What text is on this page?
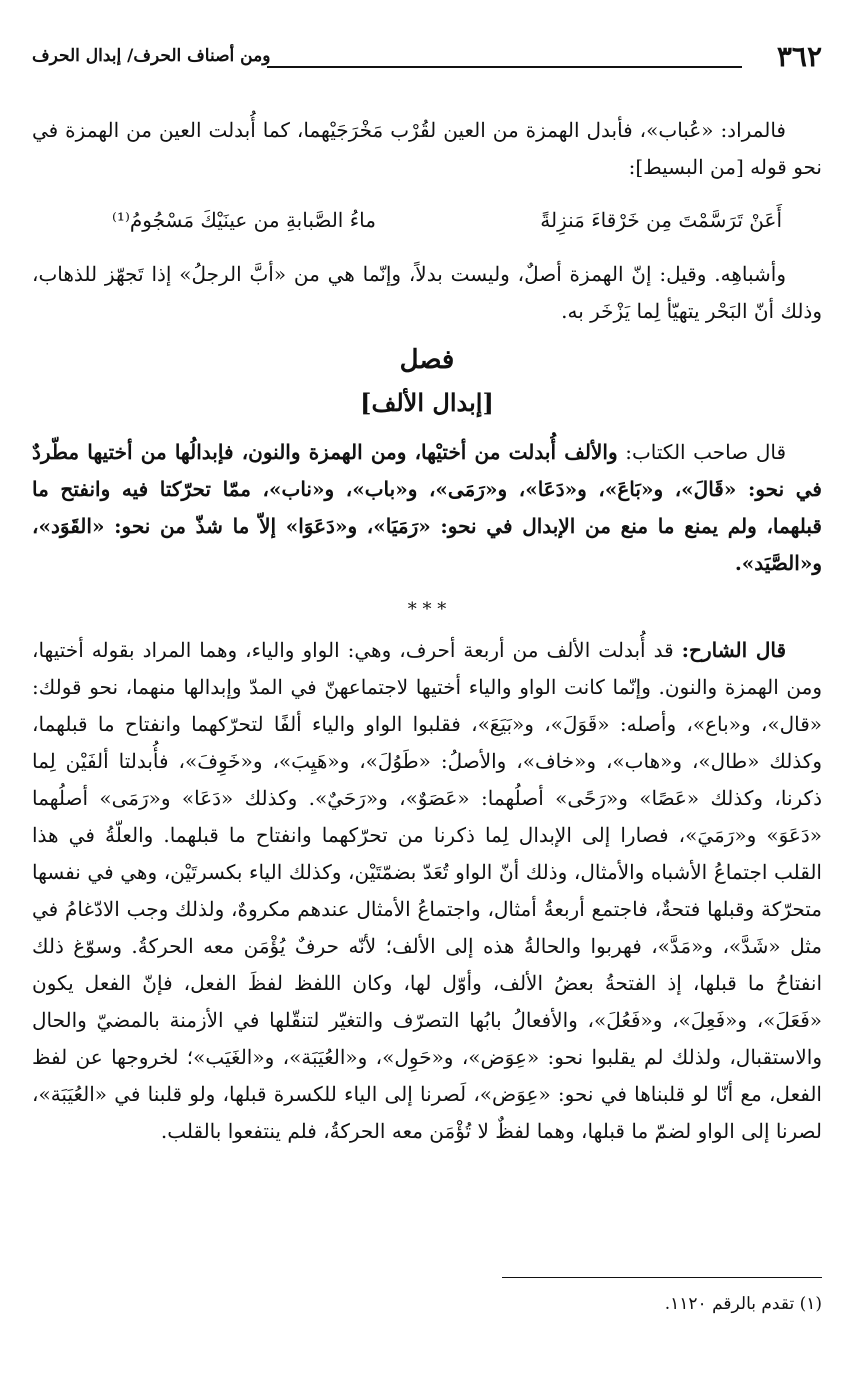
٣٦٢
ومن أصناف الحرف/ إبدال الحرف

فالمراد: «عُباب»، فأبدل الهمزة من العين لقُرْب مَخْرَجَيْهما، كما أُبدلت العين من الهمزة في نحو قوله [من البسيط]:

أَعَنْ تَرَسَّمْتَ مِن خَرْقاءَ مَنزِلةً
ماءُ الصَّبابةِ من عينَيْكَ مَسْجُومُ⁽¹⁾

وأشباهِه. وقيل: إنّ الهمزة أصلٌ، وليست بدلاً، وإنّما هي من «أبَّ الرجلُ» إذا تَجهّز للذهاب، وذلك أنّ البَحْر يتهيّأ لِما يَزْخَر به.

فصل
[إبدال الألف]

قال صاحب الكتاب: والألف أُبدلت من أختيْها، ومن الهمزة والنون، فإبدالُها من أختيها مطّردٌ في نحو: «قَالَ»، و«بَاعَ»، و«دَعَا»، و«رَمَى»، و«باب»، و«ناب»، ممّا تحرّكتا فيه وانفتح ما قبلهما، ولم يمنع ما منع من الإبدال في نحو: «رَمَيَا»، و«دَعَوَا» إلاّ ما شذّ من نحو: «القَوَد»، و«الصَّيَد».

* * *

قال الشارح: قد أُبدلت الألف من أربعة أحرف، وهي: الواو والياء، وهما المراد بقوله أختيها، ومن الهمزة والنون. وإنّما كانت الواو والياء أختيها لاجتماعهنّ في المدّ وإبدالها منهما، نحو قولك: «قال»، و«باع»، وأصله: «قَوَلَ»، و«بَيَعَ»، فقلبوا الواو والياء ألفًا لتحرّكهما وانفتاح ما قبلهما، وكذلك «طال»، و«هاب»، و«خاف»، والأصلُ: «طَوُلَ»، و«هَيِبَ»، و«خَوِفَ»، فأُبدلتا ألفَيْن لِما ذكرنا، وكذلك «عَصًا» و«رَحًى» أصلُهما: «عَصَوٌ»، و«رَحَيٌ». وكذلك «دَعَا» و«رَمَى» أصلُهما «دَعَوَ» و«رَمَيَ»، فصارا إلى الإبدال لِما ذكرنا من تحرّكهما وانفتاح ما قبلهما. والعلّةُ في هذا القلب اجتماعُ الأشباه والأمثال، وذلك أنّ الواو تُعَدّ بضمّتَيْن، وكذلك الياء بكسرتَيْن، وهي في نفسها متحرّكة وقبلها فتحةٌ، فاجتمع أربعةُ أمثال، واجتماعُ الأمثال عندهم مكروهٌ، ولذلك وجب الادّغامُ في مثل «شَدَّ»، و«مَدَّ»، فهربوا والحالةُ هذه إلى الألف؛ لأنّه حرفٌ يُؤْمَن معه الحركةُ. وسوّغ ذلك انفتاحُ ما قبلها، إذ الفتحةُ بعضُ الألف، وأوّل لها، وكان اللفظ لفظَ الفعل، فإنّ الفعل يكون «فَعَلَ»، و«فَعِلَ»، و«فَعُلَ»، والأفعالُ بابُها التصرّف والتغيّر لتنقّلها في الأزمنة بالمضيّ والحال والاستقبال، ولذلك لم يقلبوا نحو: «عِوَض»، و«حَوِل»، و«العُيَبَة»، و«الغَيَب»؛ لخروجها عن لفظ الفعل، مع أنّا لو قلبناها في نحو: «عِوَض»، لَصرنا إلى الياء للكسرة قبلها، ولو قلبنا في «العُيَبَة»، لصرنا إلى الواو لضمّ ما قبلها، وهما لفظٌ لا تُؤْمَن معه الحركةُ، فلم ينتفعوا بالقلب.

(١) تقدم بالرقم ١١٢٠.
